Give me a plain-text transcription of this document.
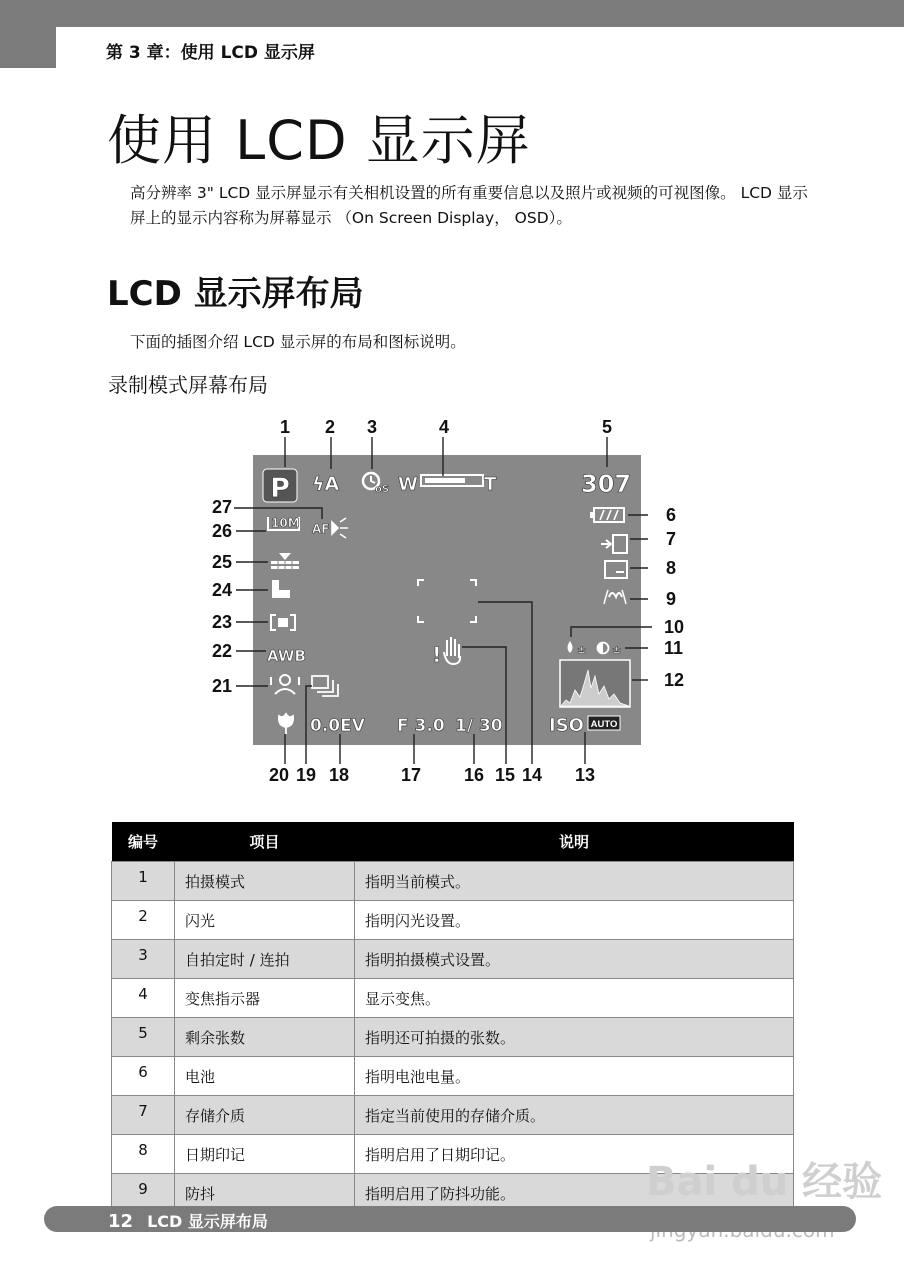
第 3 章：使用 LCD 显示屏
使用 LCD 显示屏
高分辨率 3" LCD 显示屏显示有关相机设置的所有重要信息以及照片或视频的可视图像。 LCD 显示屏上的显示内容称为屏幕显示 （On Screen Display， OSD）。
LCD 显示屏布局
下面的插图介绍 LCD 显示屏的布局和图标说明。
录制模式屏幕布局
P ϟA	oS W	T	307
± ±
ISO AUTO
!
1/ 30
F 3.0
0.0EV
AWB
10M AF
1 2 3	4	5
6
7
8
9
10
11
12
13
14
15
16
17
18
19
20
21
22
23
24
25
26
27
编号	项目	说明
1	拍摄模式	指明当前模式。
2	闪光	指明闪光设置。
3	自拍定时 / 连拍	指明拍摄模式设置。
4	变焦指示器	显示变焦。
5	剩余张数	指明还可拍摄的张数。
6	电池	指明电池电量。
7	存储介质	指定当前使用的存储介质。
8	日期印记	指明启用了日期印记。
9	防抖	指明启用了防抖功能。	Bai du 经验
12 LCD 显示屏布局
